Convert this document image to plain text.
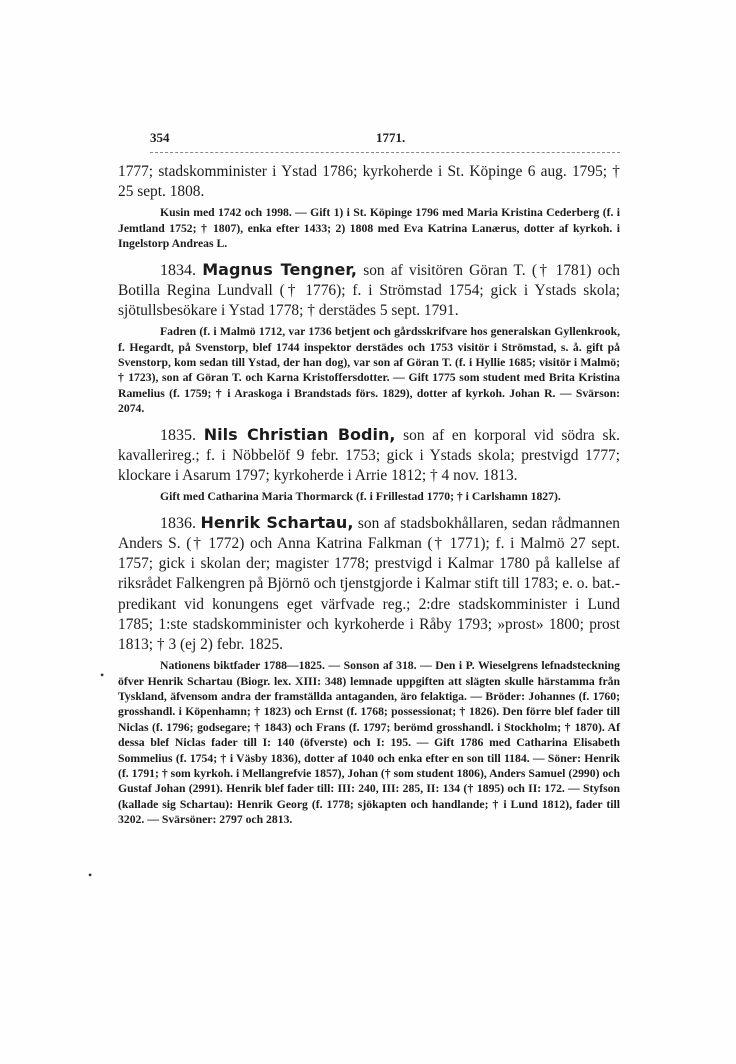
354	1771.

1777; stadskomminister i Ystad 1786; kyrkoherde i St. Köpinge 6 aug. 1795; † 25 sept. 1808.

Kusin med 1742 och 1998. — Gift 1) i St. Köpinge 1796 med Maria Kristina Cederberg (f. i Jemtland 1752; † 1807), enka efter 1433; 2) 1808 med Eva Katrina Lanærus, dotter af kyrkoh. i Ingelstorp Andreas L.

1834. Magnus Tengner, son af visitören Göran T. († 1781) och Botilla Regina Lundvall († 1776); f. i Strömstad 1754; gick i Ystads skola; sjötullsbesökare i Ystad 1778; † derstädes 5 sept. 1791.

Fadren (f. i Malmö 1712, var 1736 betjent och gårdsskrifvare hos generalskan Gyllenkrook, f. Hegardt, på Svenstorp, blef 1744 inspektor derstädes och 1753 visitör i Strömstad, s. å. gift på Svenstorp, kom sedan till Ystad, der han dog), var son af Göran T. (f. i Hyllie 1685; visitör i Malmö; † 1723), son af Göran T. och Karna Kristoffersdotter. — Gift 1775 som student med Brita Kristina Ramelius (f. 1759; † i Araskoga i Brandstads förs. 1829), dotter af kyrkoh. Johan R. — Svärson: 2074.

1835. Nils Christian Bodin, son af en korporal vid södra sk. kavallerireg.; f. i Nöbbelöf 9 febr. 1753; gick i Ystads skola; prestvigd 1777; klockare i Asarum 1797; kyrkoherde i Arrie 1812; † 4 nov. 1813.

Gift med Catharina Maria Thormarck (f. i Frillestad 1770; † i Carlshamn 1827).

1836. Henrik Schartau, son af stadsbokhållaren, sedan rådmannen Anders S. († 1772) och Anna Katrina Falkman († 1771); f. i Malmö 27 sept. 1757; gick i skolan der; magister 1778; prestvigd i Kalmar 1780 på kallelse af riksrådet Falkengren på Björnö och tjenstgjorde i Kalmar stift till 1783; e. o. bat.-predikant vid konungens eget värfvade reg.; 2:dre stadskomminister i Lund 1785; 1:ste stadskomminister och kyrkoherde i Råby 1793; »prost» 1800; prost 1813; † 3 (ej 2) febr. 1825.

Nationens biktfader 1788—1825. — Sonson af 318. — Den i P. Wieselgrens lefnadsteckning öfver Henrik Schartau (Biogr. lex. XIII: 348) lemnade uppgiften att slägten skulle härstamma från Tyskland, äfvensom andra der framställda antaganden, äro felaktiga. — Bröder: Johannes (f. 1760; grosshandl. i Köpenhamn; † 1823) och Ernst (f. 1768; possessionat; † 1826). Den förre blef fader till Niclas (f. 1796; godsegare; † 1843) och Frans (f. 1797; berömd grosshandl. i Stockholm; † 1870). Af dessa blef Niclas fader till I: 140 (öfverste) och I: 195. — Gift 1786 med Catharina Elisabeth Sommelius (f. 1754; † i Väsby 1836), dotter af 1040 och enka efter en son till 1184. — Söner: Henrik (f. 1791; † som kyrkoh. i Mellangrefvie 1857), Johan († som student 1806), Anders Samuel (2990) och Gustaf Johan (2991). Henrik blef fader till: III: 240, III: 285, II: 134 († 1895) och II: 172. — Styfson (kallade sig Schartau): Henrik Georg (f. 1778; sjökapten och handlande; † i Lund 1812), fader till 3202. — Svärsöner: 2797 och 2813.

•
•
